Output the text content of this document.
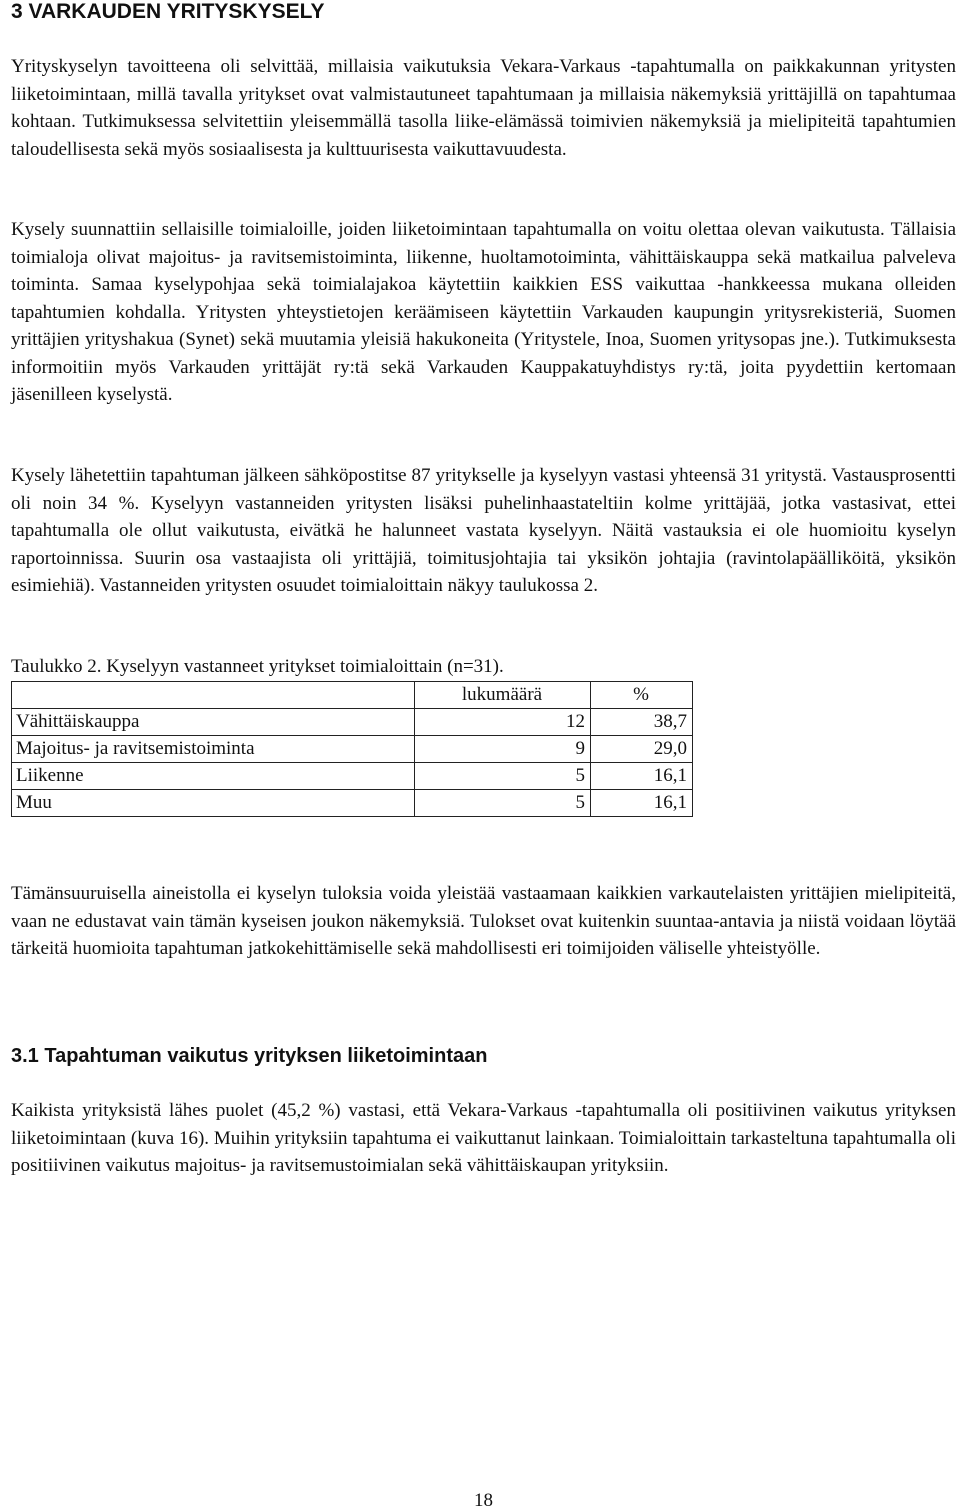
3 VARKAUDEN YRITYSKYSELY

Yrityskyselyn tavoitteena oli selvittää, millaisia vaikutuksia Vekara-Varkaus -tapahtumalla on paikkakunnan yritysten liiketoimintaan, millä tavalla yritykset ovat valmistautuneet tapahtumaan ja millaisia näkemyksiä yrittäjillä on tapahtumaa kohtaan. Tutkimuksessa selvitettiin yleisemmällä tasolla liike-elämässä toimivien näkemyksiä ja mielipiteitä tapahtumien taloudellisesta sekä myös sosiaalisesta ja kulttuurisesta vaikuttavuudesta.

Kysely suunnattiin sellaisille toimialoille, joiden liiketoimintaan tapahtumalla on voitu olettaa olevan vaikutusta. Tällaisia toimialoja olivat majoitus- ja ravitsemistoiminta, liikenne, huoltamotoiminta, vähittäiskauppa sekä matkailua palveleva toiminta. Samaa kyselypohjaa sekä toimialajakoa käytettiin kaikkien ESS vaikuttaa -hankkeessa mukana olleiden tapahtumien kohdalla. Yritysten yhteystietojen keräämiseen käytettiin Varkauden kaupungin yritysrekisteriä, Suomen yrittäjien yrityshakua (Synet) sekä muutamia yleisiä hakukoneita (Yritystele, Inoa, Suomen yritysopas jne.). Tutkimuksesta informoitiin myös Varkauden yrittäjät ry:tä sekä Varkauden Kauppakatuyhdistys ry:tä, joita pyydettiin kertomaan jäsenilleen kyselystä.

Kysely lähetettiin tapahtuman jälkeen sähköpostitse 87 yritykselle ja kyselyyn vastasi yhteensä 31 yritystä. Vastausprosentti oli noin 34 %. Kyselyyn vastanneiden yritysten lisäksi puhelinhaastateltiin kolme yrittäjää, jotka vastasivat, ettei tapahtumalla ole ollut vaikutusta, eivätkä he halunneet vastata kyselyyn. Näitä vastauksia ei ole huomioitu kyselyn raportoinnissa. Suurin osa vastaajista oli yrittäjiä, toimitusjohtajia tai yksikön johtajia (ravintolapäälliköitä, yksikön esimiehiä). Vastanneiden yritysten osuudet toimialoittain näkyy taulukossa 2.

Taulukko 2. Kyselyyn vastanneet yritykset toimialoittain (n=31).

	lukumäärä	%
Vähittäiskauppa	12	38,7
Majoitus- ja ravitsemistoiminta	9	29,0
Liikenne	5	16,1
Muu	5	16,1

Tämänsuuruisella aineistolla ei kyselyn tuloksia voida yleistää vastaamaan kaikkien varkautelaisten yrittäjien mielipiteitä, vaan ne edustavat vain tämän kyseisen joukon näkemyksiä. Tulokset ovat kuitenkin suuntaa-antavia ja niistä voidaan löytää tärkeitä huomioita tapahtuman jatkokehittämiselle sekä mahdollisesti eri toimijoiden väliselle yhteistyölle.

3.1 Tapahtuman vaikutus yrityksen liiketoimintaan

Kaikista yrityksistä lähes puolet (45,2 %) vastasi, että Vekara-Varkaus -tapahtumalla oli positiivinen vaikutus yrityksen liiketoimintaan (kuva 16). Muihin yrityksiin tapahtuma ei vaikuttanut lainkaan. Toimialoittain tarkasteltuna tapahtumalla oli positiivinen vaikutus majoitus- ja ravitsemustoimialan sekä vähittäiskaupan yrityksiin.

18
